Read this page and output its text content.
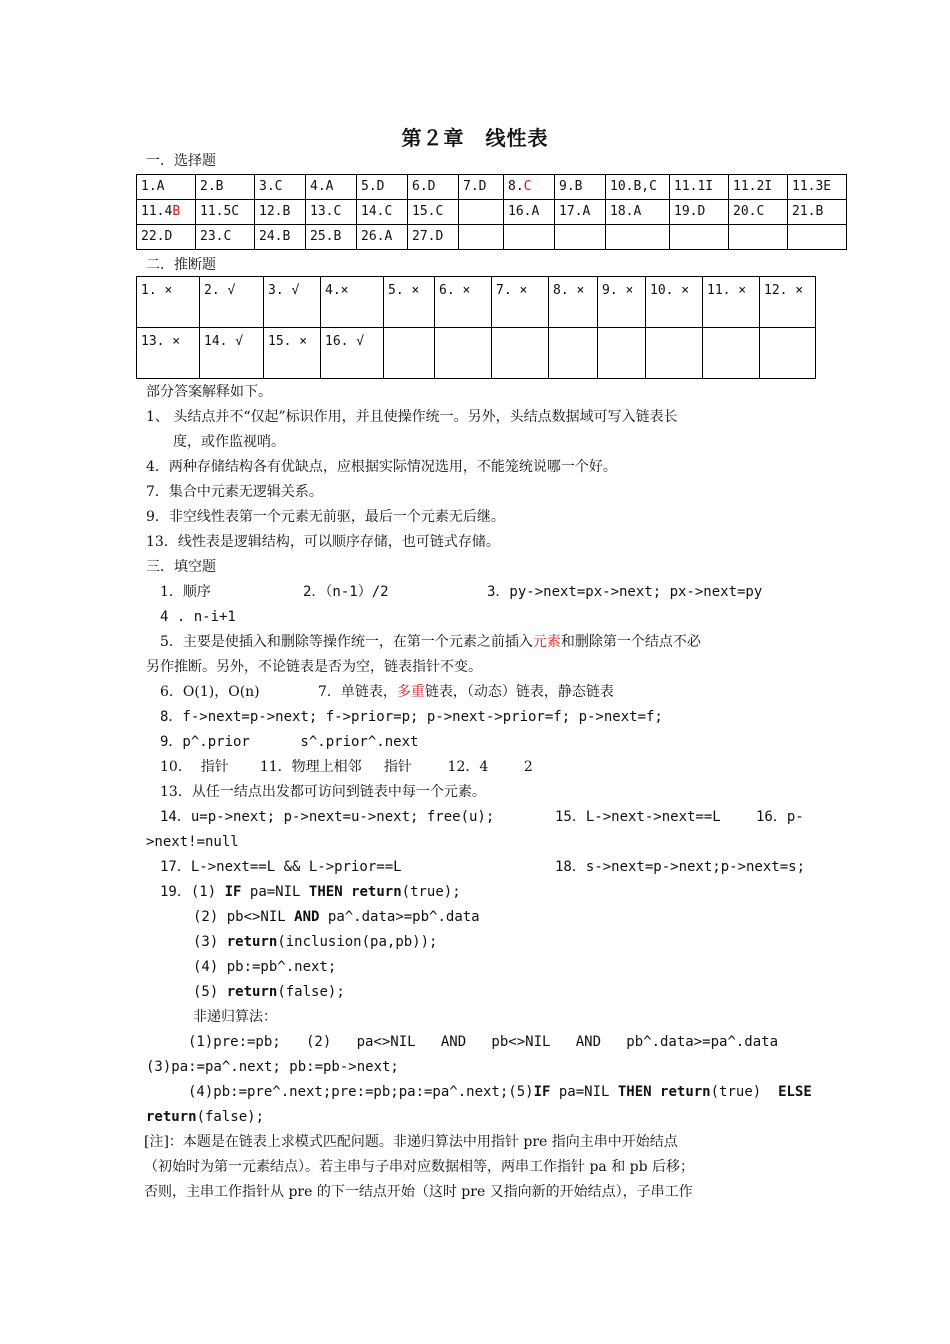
第２章　线性表
一．选择题
1.A	2.B	3.C	4.A	5.D	6.D	7.D	8.C	9.B	10.B,C	11.1I	11.2I	11.3E
11.4B	11.5C	12.B	13.C	14.C	15.C		16.A	17.A	18.A	19.D	20.C	21.B
22.D	23.C	24.B	25.B	26.A	27.D							
二．推断题
1. ×	2. √	3. √	4.×	5. ×	6. ×	7. ×	8. ×	9. ×	10. ×	11. ×	12. ×
13. ×	14. √	15. ×	16. √								
部分答案解释如下。
1、 头结点并不“仅起”标识作用，并且使操作统一。另外，头结点数据域可写入链表长
度，或作监视哨。
4．两种存储结构各有优缺点，应根据实际情况选用，不能笼统说哪一个好。
7．集合中元素无逻辑关系。
9．非空线性表第一个元素无前驱，最后一个元素无后继。
13．线性表是逻辑结构，可以顺序存储，也可链式存储。
三．填空题
1．顺序	2．（n-1）/2	3．py->next=px->next; px->next=py
4 . n-i+1
5．主要是使插入和删除等操作统一，在第一个元素之前插入元素和删除第一个结点不必
另作推断。另外，不论链表是否为空，链表指针不变。
6．O(1)，O(n)	7．单链表，多重链表，（动态）链表，静态链表
8．f->next=p->next; f->prior=p; p->next->prior=f; p->next=f;
9．p^.prior      s^.prior^.next
10．  指针       11．物理上相邻     指针        12．4        2
13．从任一结点出发都可访问到链表中每一个元素。
14．u=p->next; p->next=u->next; free(u);	15．L->next->next==L	16．p-
>next!=null
17．L->next==L && L->prior==L	18．s->next=p->next;p->next=s;
19．(1) IF pa=NIL THEN return(true);
(2) pb<>NIL AND pa^.data>=pb^.data
(3) return(inclusion(pa,pb));
(4) pb:=pb^.next;
(5) return(false);
非递归算法：
(1)pre:=pb;   (2)   pa<>NIL   AND   pb<>NIL   AND   pb^.data>=pa^.data
(3)pa:=pa^.next; pb:=pb->next;
(4)pb:=pre^.next;pre:=pb;pa:=pa^.next;(5)IF pa=NIL THEN return(true)  ELSE
return(false);
[注]：本题是在链表上求模式匹配问题。非递归算法中用指针 pre 指向主串中开始结点
（初始时为第一元素结点）。若主串与子串对应数据相等，两串工作指针 pa 和 pb 后移；
否则，主串工作指针从 pre 的下一结点开始（这时 pre 又指向新的开始结点），子串工作
